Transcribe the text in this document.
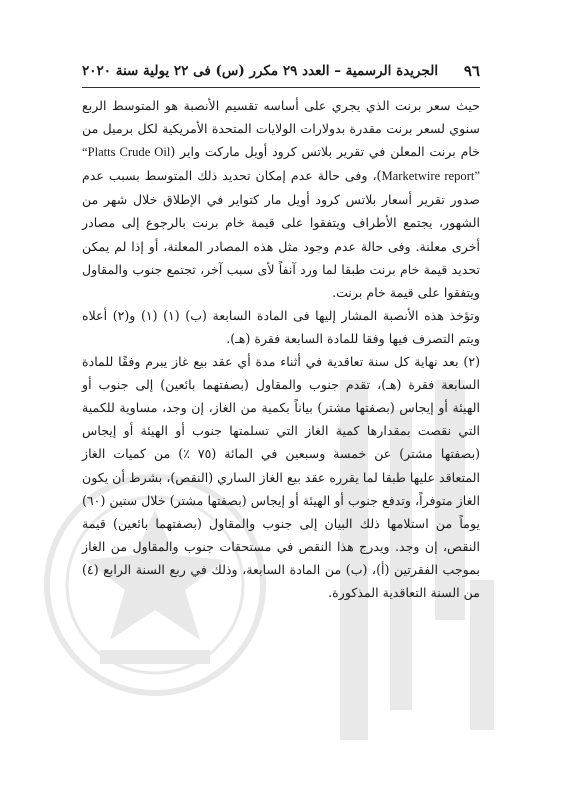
٩٦
الجريدة الرسمية – العدد ٢٩ مكرر (س) فى ٢٢ يولية سنة ٢٠٢٠

حيث سعر برنت الذي يجري على أساسه تقسيم الأنصبة هو المتوسط الربع سنوي لسعر برنت مقدرة بدولارات الولايات المتحدة الأمريكية لكل برميل من خام برنت المعلن في تقرير بلاتس كرود أويل ماركت واير (“Platts Crude Oil Marketwire report”)، وفى حالة عدم إمكان تحديد ذلك المتوسط بسبب عدم صدور تقرير أسعار بلاتس كرود أويل مار كتواير في الإطلاق خلال شهر من الشهور، يجتمع الأطراف ويتفقوا على قيمة خام برنت بالرجوع إلى مصادر أخرى معلنة. وفى حالة عدم وجود مثل هذه المصادر المعلنة، أو إذا لم يمكن تحديد قيمة خام برنت طبقا لما ورد آنفاً لأى سبب آخر، تجتمع جنوب والمقاول ويتفقوا على قيمة خام برنت.

وتؤخذ هذه الأنصبة المشار إليها فى المادة السابعة (ب) (١) (١) و(٢) أعلاه ويتم التصرف فيها وفقا للمادة السابعة فقرة (هـ).

(٢) بعد نهاية كل سنة تعاقدية في أثناء مدة أي عقد بيع غاز يبرم وفقًا للمادة السابعة فقرة (هـ)، تقدم جنوب والمقاول (بصفتهما بائعين) إلى جنوب أو الهيئة أو إيجاس (بصفتها مشتر) بياناً بكمية من الغاز، إن وجد، مساوية للكمية التي نقصت بمقدارها كمية الغاز التي تسلمتها جنوب أو الهيئة أو إيجاس (بصفتها مشتر) عن خمسة وسبعين في المائة (٧٥ ٪) من كميات الغاز المتعاقد عليها طبقا لما يقرره عقد بيع الغاز الساري (النقص)، بشرط أن يكون الغاز متوفراً، وتدفع جنوب أو الهيئة أو إيجاس (بصفتها مشتر) خلال ستين (٦٠) يوماً من استلامها ذلك البيان إلى جنوب والمقاول (بصفتهما بائعين) قيمة النقص، إن وجد. ويدرج هذا النقص في مستحقات جنوب والمقاول من الغاز بموجب الفقرتين (أ)، (ب) من المادة السابعة، وذلك في ربع السنة الرابع (٤) من السنة التعاقدية المذكورة.
